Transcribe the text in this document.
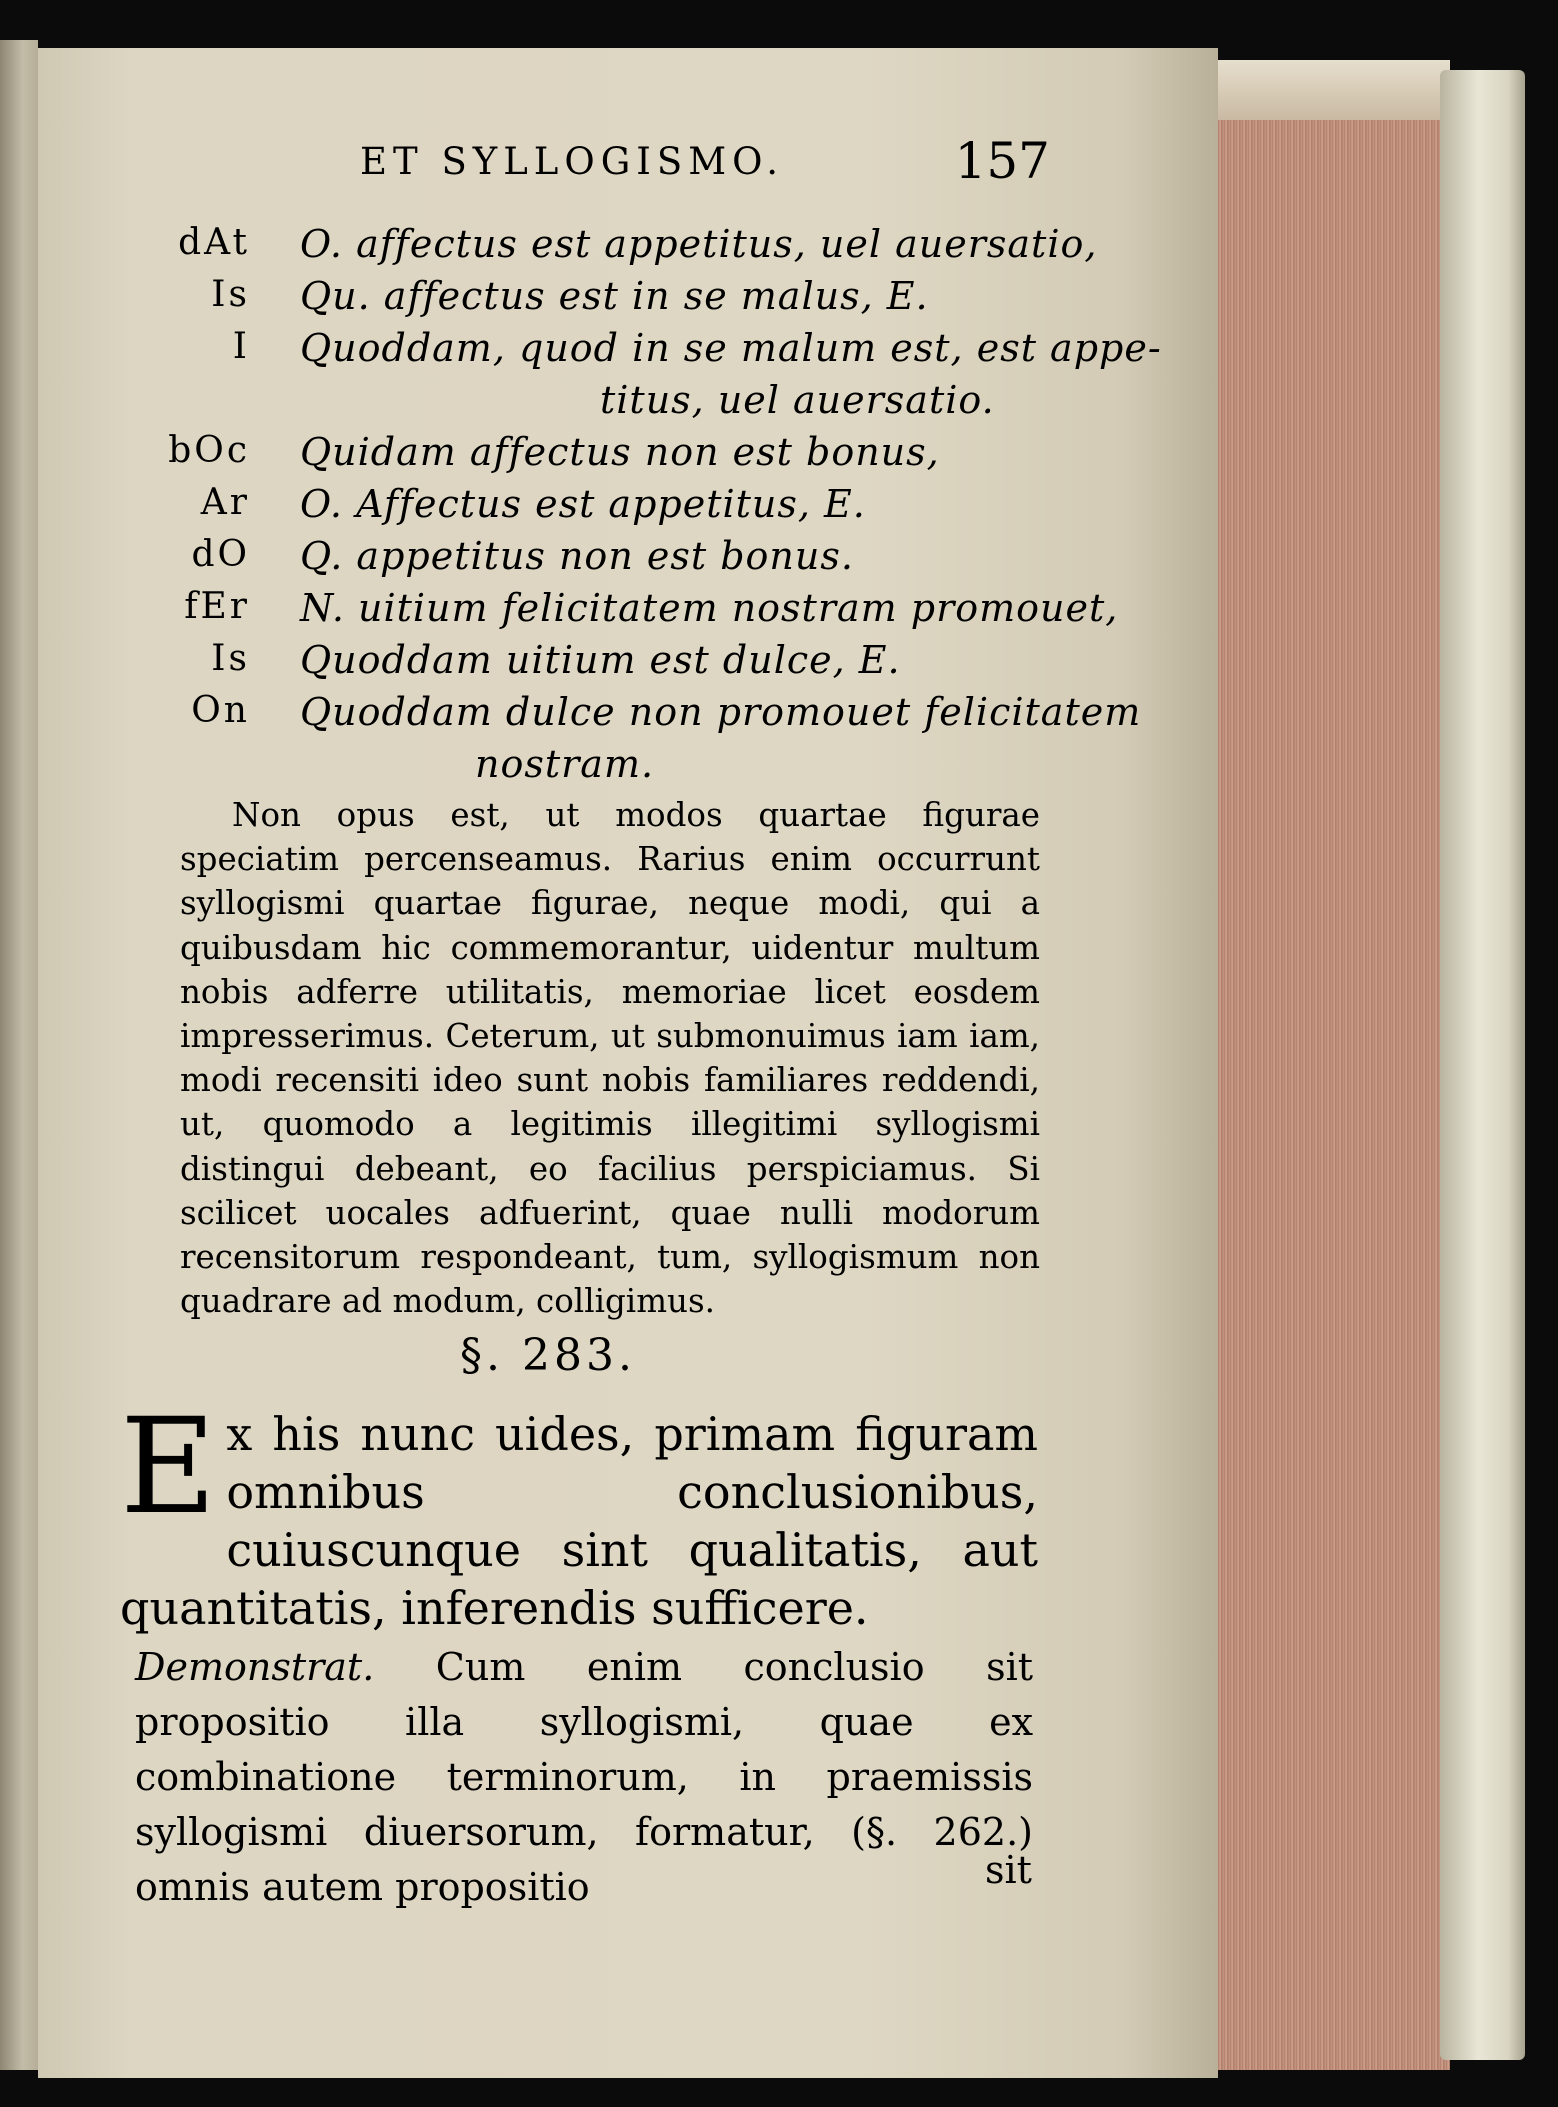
ET SYLLOGISMO.	157
dAt O. affectus est appetitus, uel auersatio,
Is Qu. affectus est in se malus, E.
I Quoddam, quod in se malum est, est appe-
titus, uel auersatio.
bOc Quidam affectus non est bonus,
Ar O. Affectus est appetitus, E.
dO Q. appetitus non est bonus.
fEr N. uitium felicitatem nostram promouet,
Is Quoddam uitium est dulce, E.
On Quoddam dulce non promouet felicitatem
nostram.

Non opus est, ut modos quartae figurae speciatim percenseamus. Rarius enim occurrunt syllogismi quartae figurae, neque modi, qui a quibusdam hic commemorantur, uidentur multum nobis adferre utilitatis, memoriae licet eosdem impresserimus. Ceterum, ut submonuimus iam iam, modi recensiti ideo sunt nobis familiares reddendi, ut, quomodo a legitimis illegitimi syllogismi distingui debeant, eo facilius perspiciamus. Si scilicet uocales adfuerint, quae nulli modorum recensitorum respondeant, tum, syllogismum non quadrare ad modum, colligimus.

§. 283.
Ex his nunc uides, primam figuram omnibus conclusionibus, cuiuscunque sint qualitatis, aut quantitatis, inferendis sufficere.
Demonstrat. Cum enim conclusio sit propositio illa syllogismi, quae ex combinatione terminorum, in praemissis syllogismi diuersorum, formatur, (§. 262.) omnis autem propositio	sit
